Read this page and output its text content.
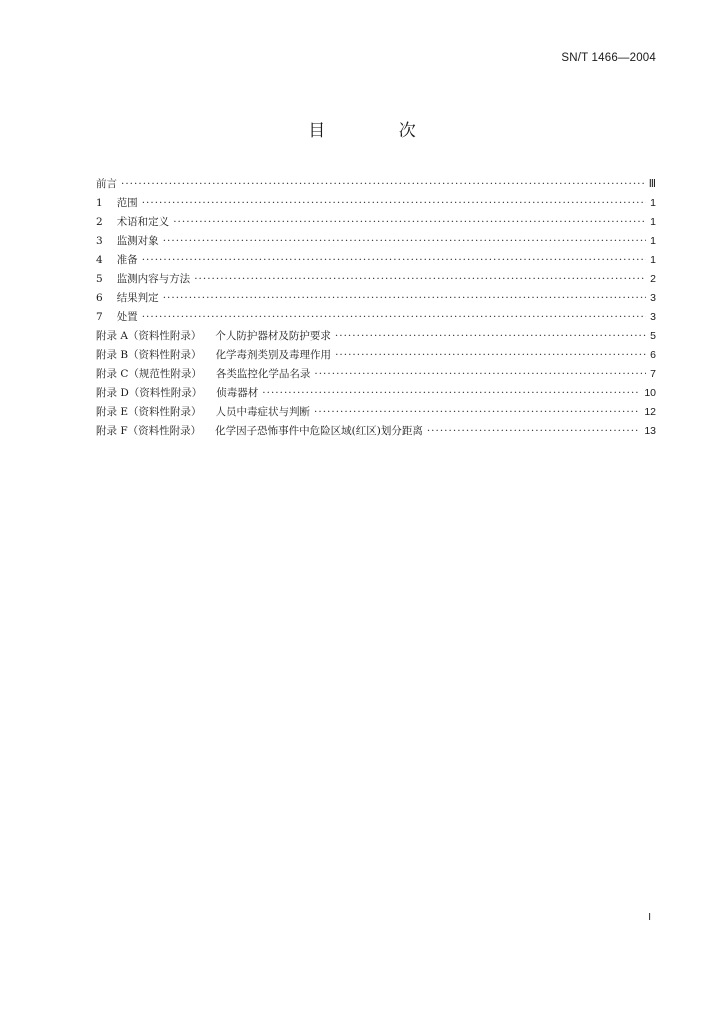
SN/T 1466—2004
目 次
前言 ·····	Ⅲ
1 范围 ·····	1
2 术语和定义 ·····	1
3 监测对象 ·····	1
4 准备 ·····	1
5 监测内容与方法 ·····	2
6 结果判定 ·····	3
7 处置 ·····	3
附录 A（资料性附录） 个人防护器材及防护要求 ·····	5
附录 B（资料性附录） 化学毒剂类别及毒理作用 ·····	6
附录 C（规范性附录） 各类监控化学品名录 ·····	7
附录 D（资料性附录） 侦毒器材 ·····	10
附录 E（资料性附录） 人员中毒症状与判断 ·····	12
附录 F（资料性附录） 化学因子恐怖事件中危险区域(红区)划分距离 ·····	13
I
